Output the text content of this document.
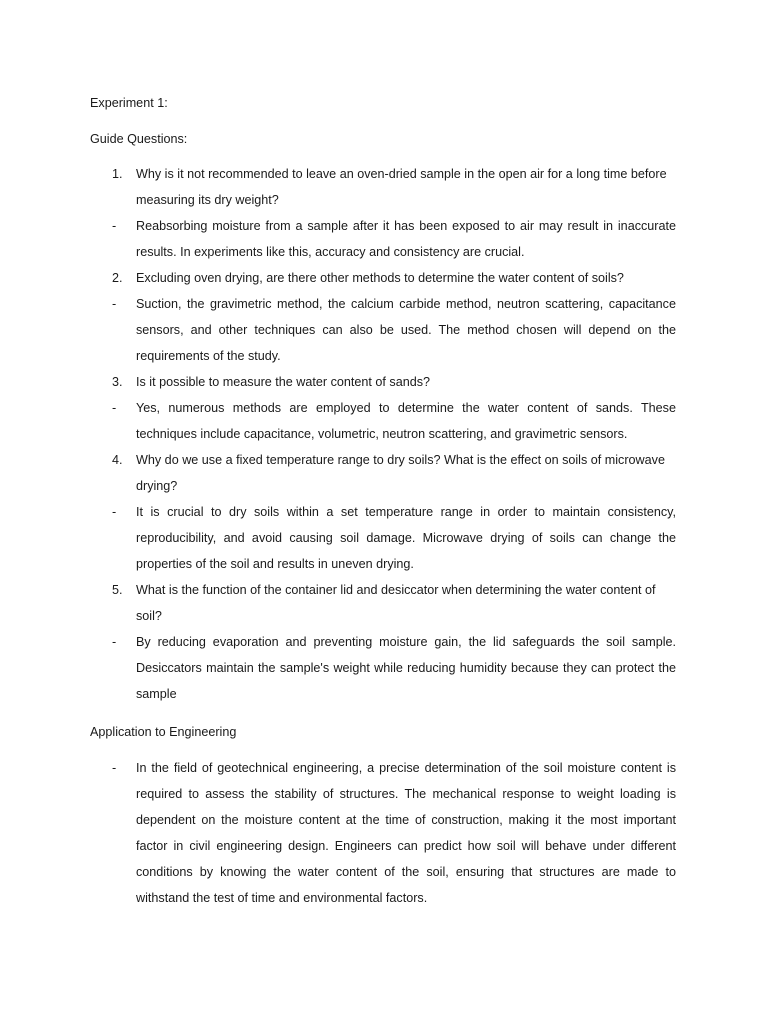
Experiment 1:
Guide Questions:
1.	Why is it not recommended to leave an oven-dried sample in the open air for a long time before measuring its dry weight?
-	Reabsorbing moisture from a sample after it has been exposed to air may result in inaccurate results. In experiments like this, accuracy and consistency are crucial.
2.	Excluding oven drying, are there other methods to determine the water content of soils?
-	Suction, the gravimetric method, the calcium carbide method, neutron scattering, capacitance sensors, and other techniques can also be used. The method chosen will depend on the requirements of the study.
3.	Is it possible to measure the water content of sands?
-	Yes, numerous methods are employed to determine the water content of sands. These techniques include capacitance, volumetric, neutron scattering, and gravimetric sensors.
4.	Why do we use a fixed temperature range to dry soils? What is the effect on soils of microwave drying?
-	It is crucial to dry soils within a set temperature range in order to maintain consistency, reproducibility, and avoid causing soil damage. Microwave drying of soils can change the properties of the soil and results in uneven drying.
5.	What is the function of the container lid and desiccator when determining the water content of soil?
-	By reducing evaporation and preventing moisture gain, the lid safeguards the soil sample. Desiccators maintain the sample's weight while reducing humidity because they can protect the sample
Application to Engineering
-	In the field of geotechnical engineering, a precise determination of the soil moisture content is required to assess the stability of structures. The mechanical response to weight loading is dependent on the moisture content at the time of construction, making it the most important factor in civil engineering design. Engineers can predict how soil will behave under different conditions by knowing the water content of the soil, ensuring that structures are made to withstand the test of time and environmental factors.
